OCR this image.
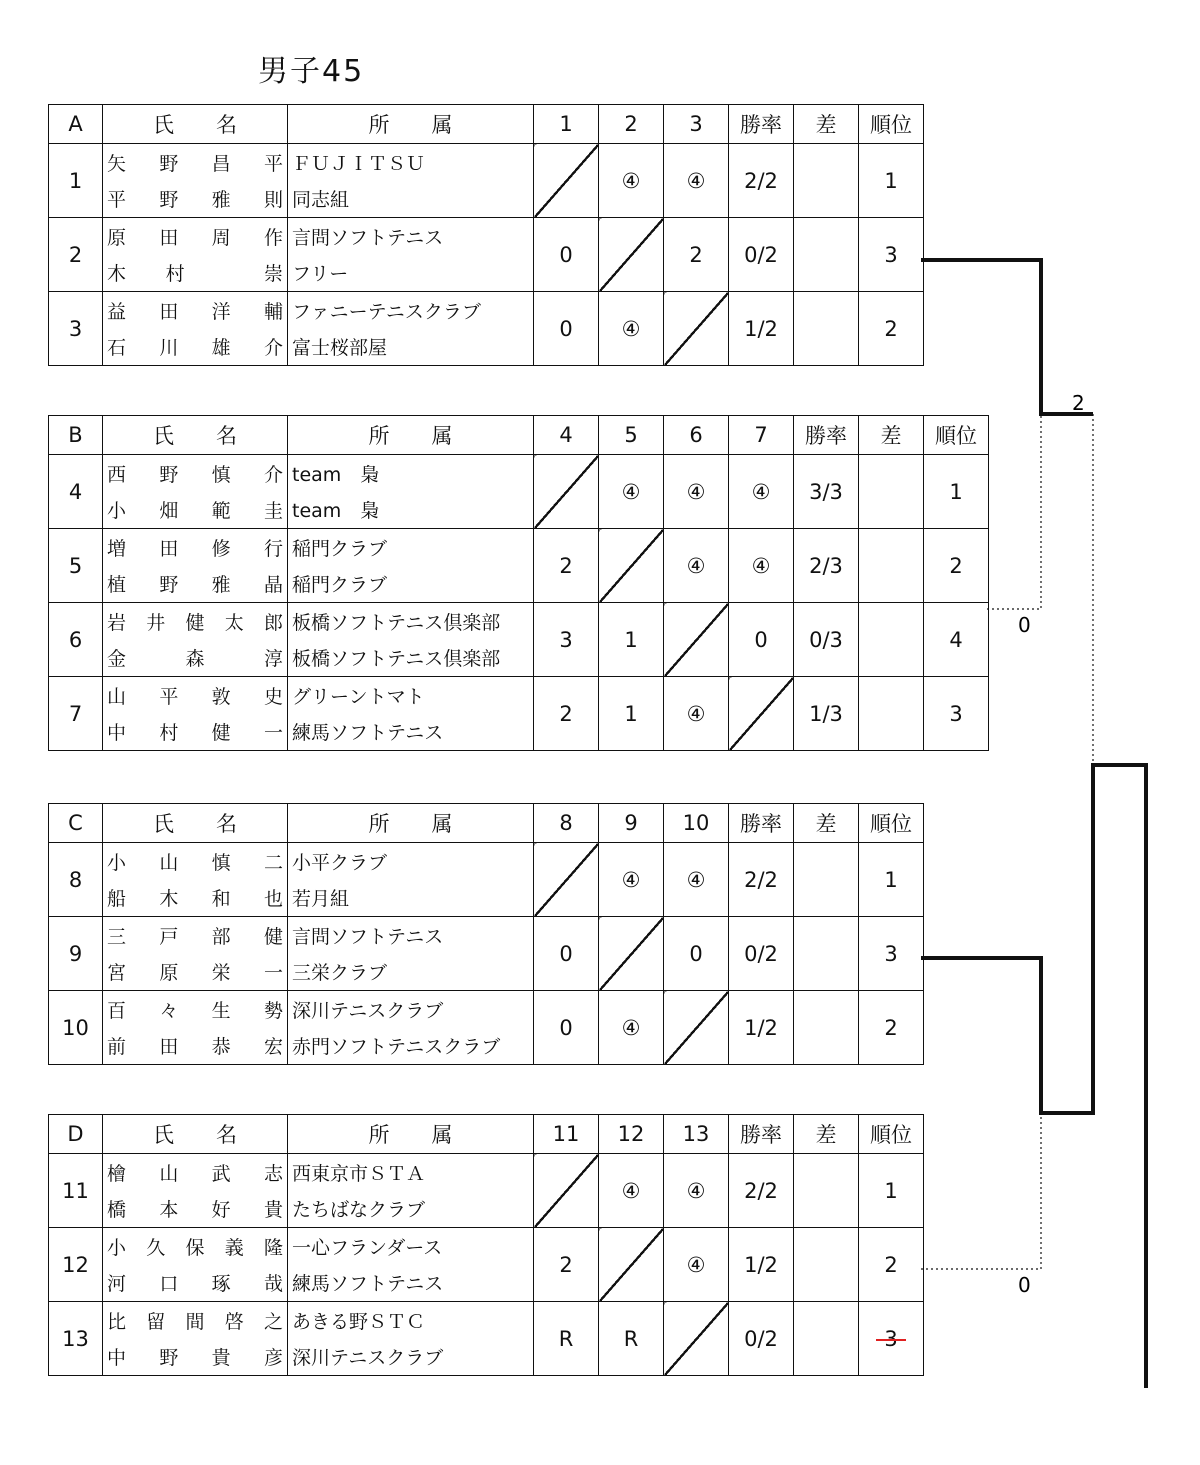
男子45
A	氏　　名	所　　属	1	2	3	勝率	差	順位
1	矢 野 昌 平	ＦＵＪＩＴＳＵ		④	④	2/2		1

	平 野 雅 則	同志組						
2	原 田 周 作	言問ソフトテニス	0		2	0/2		3

	木 村 崇	フリー						
3	益 田 洋 輔	ファニーテニスクラブ	0	④		1/2		2

	石 川 雄 介	富士桜部屋						
B	氏　　名	所　　属	4	5	6	7	勝率	差	順位
4	西 野 慎 介	team　梟		④	④	④	3/3		1

	小 畑 範 圭	team　梟							
5	増 田 修 行	稲門クラブ	2		④	④	2/3		2

	植 野 雅 晶	稲門クラブ							
6	岩 井 健 太 郎	板橋ソフトテニス倶楽部	3	1		0	0/3		4

	金 森 淳	板橋ソフトテニス倶楽部							
7	山 平 敦 史	グリーントマト	2	1	④		1/3		3

	中 村 健 一	練馬ソフトテニス							
C	氏　　名	所　　属	8	9	10	勝率	差	順位
8	小 山 慎 二	小平クラブ		④	④	2/2		1

	船 木 和 也	若月組						
9	三 戸 部 健	言問ソフトテニス	0		0	0/2		3

	宮 原 栄 一	三栄クラブ						
10	百 々 生 勢	深川テニスクラブ	0	④		1/2		2

	前 田 恭 宏	赤門ソフトテニスクラブ						
D	氏　　名	所　　属	11	12	13	勝率	差	順位
11	檜 山 武 志	西東京市ＳＴＡ		④	④	2/2		1

	橋 本 好 貴	たちばなクラブ						
12	小 久 保 義 隆	一心フランダース	2		④	1/2		2

	河 口 琢 哉	練馬ソフトテニス						
13	比 留 間 啓 之	あきる野ＳＴＣ	R	R		0/2		3

	中 野 貴 彦	深川テニスクラブ						
2
0
0
